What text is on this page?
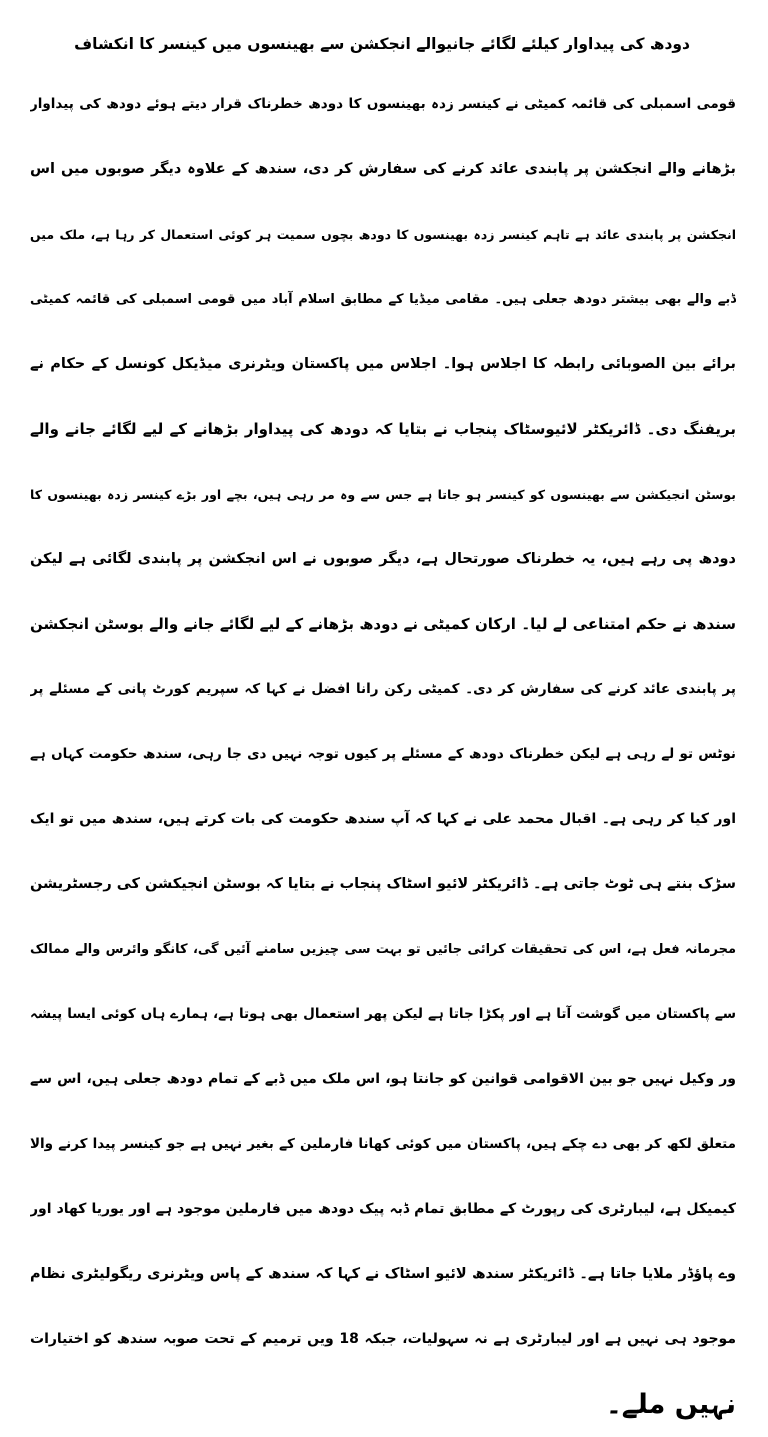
دودھ کی پیداوار کیلئے لگائے جانیوالے انجکشن سے بھینسوں میں کینسر کا انکشاف
قومی اسمبلی کی قائمہ کمیٹی نے کینسر زدہ بھینسوں کا دودھ خطرناک قرار دیتے ہوئے دودھ کی پیداوار
بڑھانے والے انجکشن پر پابندی عائد کرنے کی سفارش کر دی، سندھ کے علاوہ دیگر صوبوں میں اس
انجکشن پر پابندی عائد ہے تاہم کینسر زدہ بھینسوں کا دودھ بچوں سمیت ہر کوئی استعمال کر رہا ہے، ملک میں
ڈبے والے بھی بیشتر دودھ جعلی ہیں۔ مقامی میڈیا کے مطابق اسلام آباد میں قومی اسمبلی کی قائمہ کمیٹی
برائے بین الصوبائی رابطہ کا اجلاس ہوا۔ اجلاس میں پاکستان ویٹرنری میڈیکل کونسل کے حکام نے
بریفنگ دی۔ ڈائریکٹر لائیوسٹاک پنجاب نے بتایا کہ دودھ کی پیداوار بڑھانے کے لیے لگائے جانے والے
بوسٹن انجیکشن سے بھینسوں کو کینسر ہو جاتا ہے جس سے وہ مر رہی ہیں، بچے اور بڑے کینسر زدہ بھینسوں کا
دودھ پی رہے ہیں، یہ خطرناک صورتحال ہے، دیگر صوبوں نے اس انجکشن پر پابندی لگائی ہے لیکن
سندھ نے حکم امتناعی لے لیا۔ ارکان کمیٹی نے دودھ بڑھانے کے لیے لگائے جانے والے بوسٹن انجکشن
پر پابندی عائد کرنے کی سفارش کر دی۔ کمیٹی رکن رانا افضل نے کہا کہ سپریم کورٹ پانی کے مسئلے پر
نوٹس تو لے رہی ہے لیکن خطرناک دودھ کے مسئلے پر کیوں توجہ نہیں دی جا رہی، سندھ حکومت کہاں ہے
اور کیا کر رہی ہے۔ اقبال محمد علی نے کہا کہ آپ سندھ حکومت کی بات کرتے ہیں، سندھ میں تو ایک
سڑک بنتے ہی ٹوٹ جاتی ہے۔ ڈائریکٹر لائیو اسٹاک پنجاب نے بتایا کہ بوسٹن انجیکشن کی رجسٹریشن
مجرمانہ فعل ہے، اس کی تحقیقات کرائی جائیں تو بہت سی چیزیں سامنے آئیں گی، کانگو وائرس والے ممالک
سے پاکستان میں گوشت آتا ہے اور پکڑا جاتا ہے لیکن پھر استعمال بھی ہوتا ہے، ہمارے ہاں کوئی ایسا پیشہ
ور وکیل نہیں جو بین الاقوامی قوانین کو جانتا ہو، اس ملک میں ڈبے کے تمام دودھ جعلی ہیں، اس سے
متعلق لکھ کر بھی دے چکے ہیں، پاکستان میں کوئی کھانا فارملین کے بغیر نہیں ہے جو کینسر پیدا کرنے والا
کیمیکل ہے، لیبارٹری کی رپورٹ کے مطابق تمام ڈبہ پیک دودھ میں فارملین موجود ہے اور یوریا کھاد اور
وے پاؤڈر ملایا جاتا ہے۔ ڈائریکٹر سندھ لائیو اسٹاک نے کہا کہ سندھ کے پاس ویٹرنری ریگولیٹری نظام
موجود ہی نہیں ہے اور لیبارٹری ہے نہ سہولیات، جبکہ 18 ویں ترمیم کے تحت صوبہ سندھ کو اختیارات
نہیں ملے۔
